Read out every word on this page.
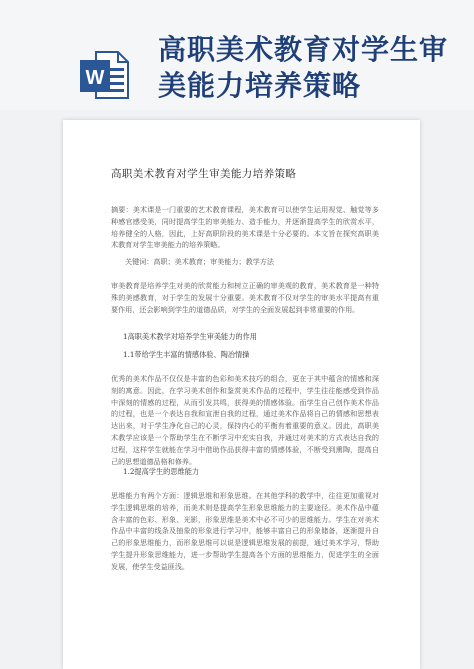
W
高职美术教育对学生审美能力培养策略
高职美术教育对学生审美能力培养策略
摘要：美术课是一门重要的艺术教育课程，美术教育可以使学生运用视觉、触觉等多种感官感受美，同时提高学生的审美能力、造手能力，并逐渐提高学生的欣赏水平，培养健全的人格，因此，上好高职阶段的美术课是十分必要的。本文旨在探究高职美术教育对学生审美能力的培养策略。
关键词：高职；美术教育；审美能力；教学方法
审美教育是培养学生对美的欣赏能力和树立正确的审美观的教育，美术教育是一种特殊的美感教育，对于学生的发展十分重要。美术教育不仅对学生的审美水平提高有重要作用，还会影响到学生的道德品质，对学生的全面发展起到非常重要的作用。
1高职美术教学对培养学生审美能力的作用
1.1带给学生丰富的情感体验、陶冶情操
优秀的美术作品不仅仅是丰富的色彩和美术技巧的组合，更在于其中蕴含的情感和深刻的寓意。因此，在学习美术创作和鉴赏美术作品的过程中，学生往往能感受到作品中深刻的情感的过程，从而引发共鸣，获得美的情感体验。而学生自己创作美术作品的过程，也是一个表达自我和宣泄自我的过程，通过美术作品将自己的情感和思想表达出来，对于学生净化自己的心灵，保持内心的平衡有着重要的意义。因此，高职美术教学应该是一个帮助学生在不断学习中充实自我，并通过对美术的方式表达自我的过程，这样学生就能在学习中借助作品获得丰富的情感体验，不断受到熏陶，提高自己的思想道德品格和修养。
1.2提高学生的思维能力
思维能力有两个方面：逻辑思维和形象思维。在其他学科的教学中，往往更加重视对学生逻辑思维的培养，而美术则是提高学生形象思维能力的主要途径。美术作品中蕴含丰富的色彩、形象、光影，形象思维是美术中必不可少的思维能力。学生在对美术作品中丰富的线条及抽象的形象进行学习中，能够丰富自己的形象储备，逐渐提升自己的形象思维能力，而形象思维可以说是逻辑思维发展的前提，通过美术学习，帮助学生提升形象思维能力，进一步帮助学生提高各个方面的思维能力，促进学生的全面发展，使学生受益匪浅。
